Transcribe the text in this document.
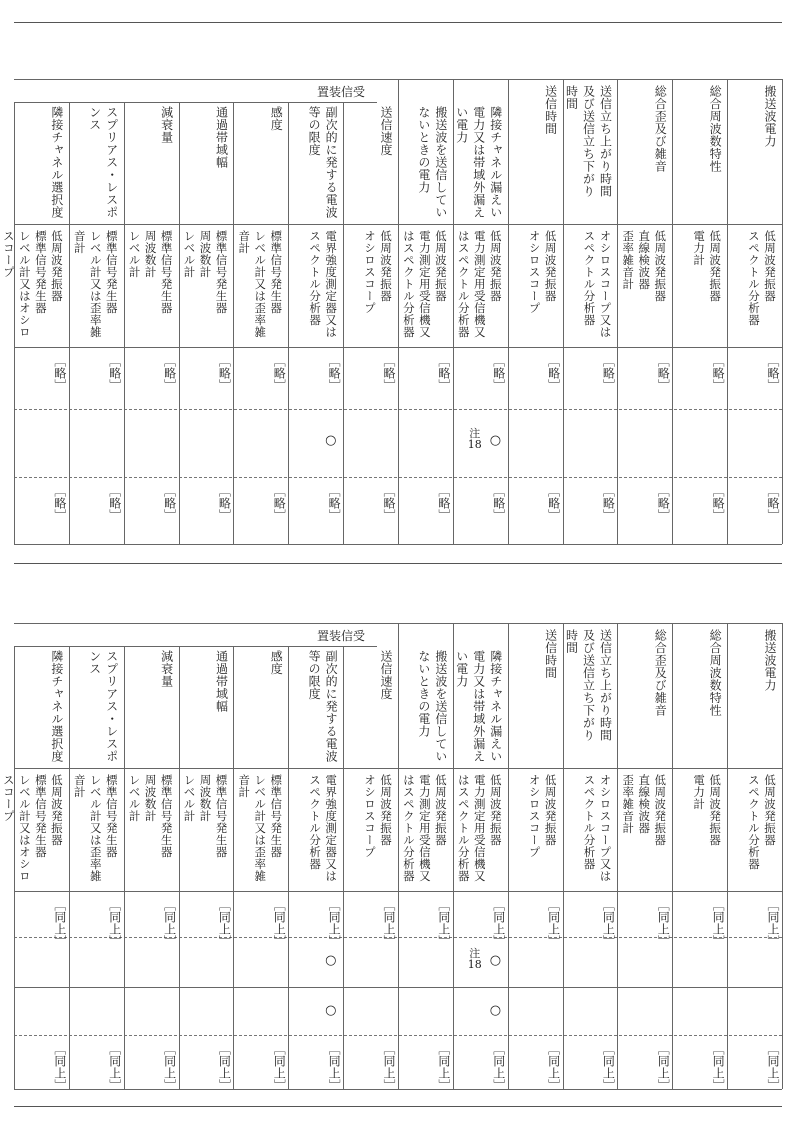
置装信受	搬送波電力
低周波発振器
スペクトル分析器
［略］
［略］
総合周波数特性
低周波発振器
電力計
［略］
［略］
総合歪及び雑音
低周波発振器
直線検波器
歪率雑音計
［略］
［略］
送信立ち上がり時間
及び送信立ち下がり
時間
オシロスコープ又は
スペクトル分析器
［略］
［略］
送信時間
低周波発振器
オシロスコープ
［略］
［略］
隣接チャネル漏えい
電力又は帯域外漏え
い電力
低周波発振器
電力測定用受信機又
はスペクトル分析器
［略］
○
［略］
注
18
搬送波を送信してい
ないときの電力
低周波発振器
電力測定用受信機又
はスペクトル分析器
［略］
［略］
送信速度
低周波発振器
オシロスコープ
［略］
［略］
副次的に発する電波
等の限度
電界強度測定器又は
スペクトル分析器
［略］
○
［略］
感度
標準信号発生器
レベル計又は歪率雑
音計
［略］
［略］
通過帯域幅
標準信号発生器
周波数計
レベル計
［略］
［略］
減衰量
標準信号発生器
周波数計
レベル計
［略］
［略］
スプリアス・レスポ
ンス
標準信号発生器
レベル計又は歪率雑
音計
［略］
［略］
隣接チャネル選択度
低周波発振器
標準信号発生器
レベル計又はオシロ
スコープ
［略］
［略］
置装信受	搬送波電力
低周波発振器
スペクトル分析器
［同上］
［同上］
総合周波数特性
低周波発振器
電力計
［同上］
［同上］
総合歪及び雑音
低周波発振器
直線検波器
歪率雑音計
［同上］
［同上］
送信立ち上がり時間
及び送信立ち下がり
時間
オシロスコープ又は
スペクトル分析器
［同上］
［同上］
送信時間
低周波発振器
オシロスコープ
［同上］
［同上］
隣接チャネル漏えい
電力又は帯域外漏え
い電力
低周波発振器
電力測定用受信機又
はスペクトル分析器
［同上］
○
○
［同上］
注
18
搬送波を送信してい
ないときの電力
低周波発振器
電力測定用受信機又
はスペクトル分析器
［同上］
［同上］
送信速度
低周波発振器
オシロスコープ
［同上］
［同上］
副次的に発する電波
等の限度
電界強度測定器又は
スペクトル分析器
［同上］
○
○
［同上］
感度
標準信号発生器
レベル計又は歪率雑
音計
［同上］
［同上］
通過帯域幅
標準信号発生器
周波数計
レベル計
［同上］
［同上］
減衰量
標準信号発生器
周波数計
レベル計
［同上］
［同上］
スプリアス・レスポ
ンス
標準信号発生器
レベル計又は歪率雑
音計
［同上］
［同上］
隣接チャネル選択度
低周波発振器
標準信号発生器
レベル計又はオシロ
スコープ
［同上］
［同上］
